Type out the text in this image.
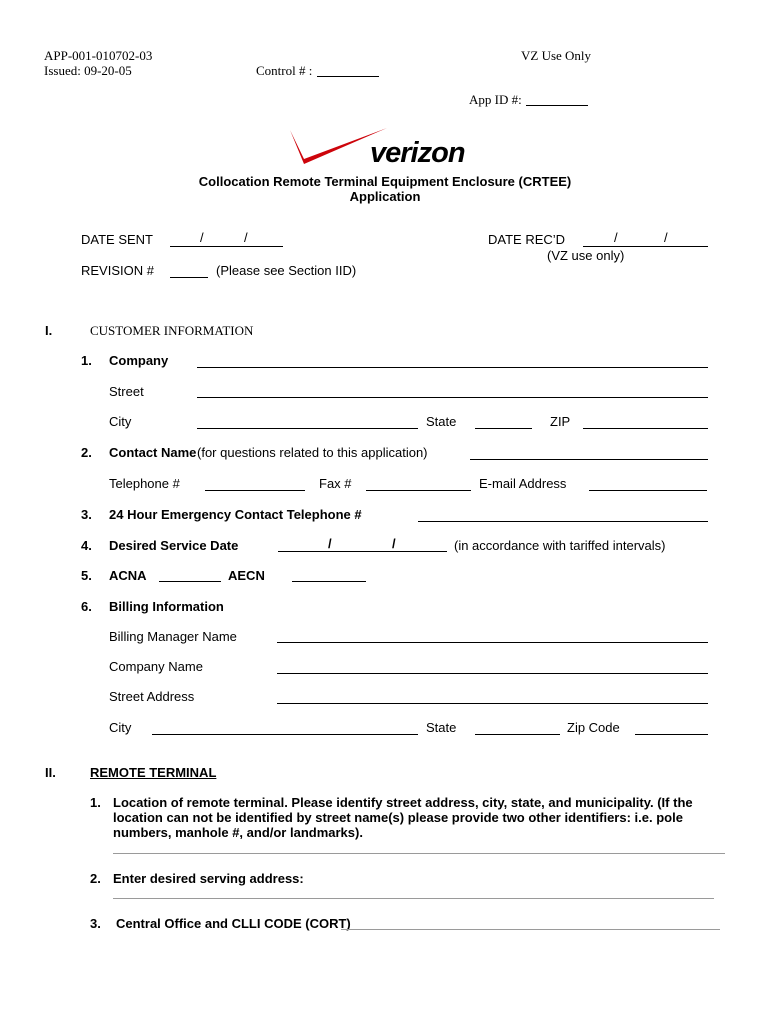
APP-001-010702-03
Issued: 09-20-05	Control # :
VZ Use Only
App ID #:
verizon
Collocation Remote Terminal Equipment Enclosure (CRTEE)
Application
DATE SENT	/	/	DATE REC’D	/	/
(VZ use only)
REVISION #	(Please see Section IID)
I.	CUSTOMER INFORMATION
1. Company
Street
City	State	ZIP
2. Contact Name (for questions related to this application)
Telephone #	Fax #	E-mail Address
3. 24 Hour Emergency Contact Telephone #
4. Desired Service Date	/	/	(in accordance with tariffed intervals)
5. ACNA	AECN
6. Billing Information
Billing Manager Name
Company Name
Street Address
City	State	Zip Code
II.	REMOTE TERMINAL
1. Location of remote terminal. Please identify street address, city, state, and municipality. (If the
location can not be identified by street name(s) please provide two other identifiers: i.e. pole
numbers, manhole #, and/or landmarks).
2. Enter desired serving address:
3. Central Office and CLLI CODE (CORT)
